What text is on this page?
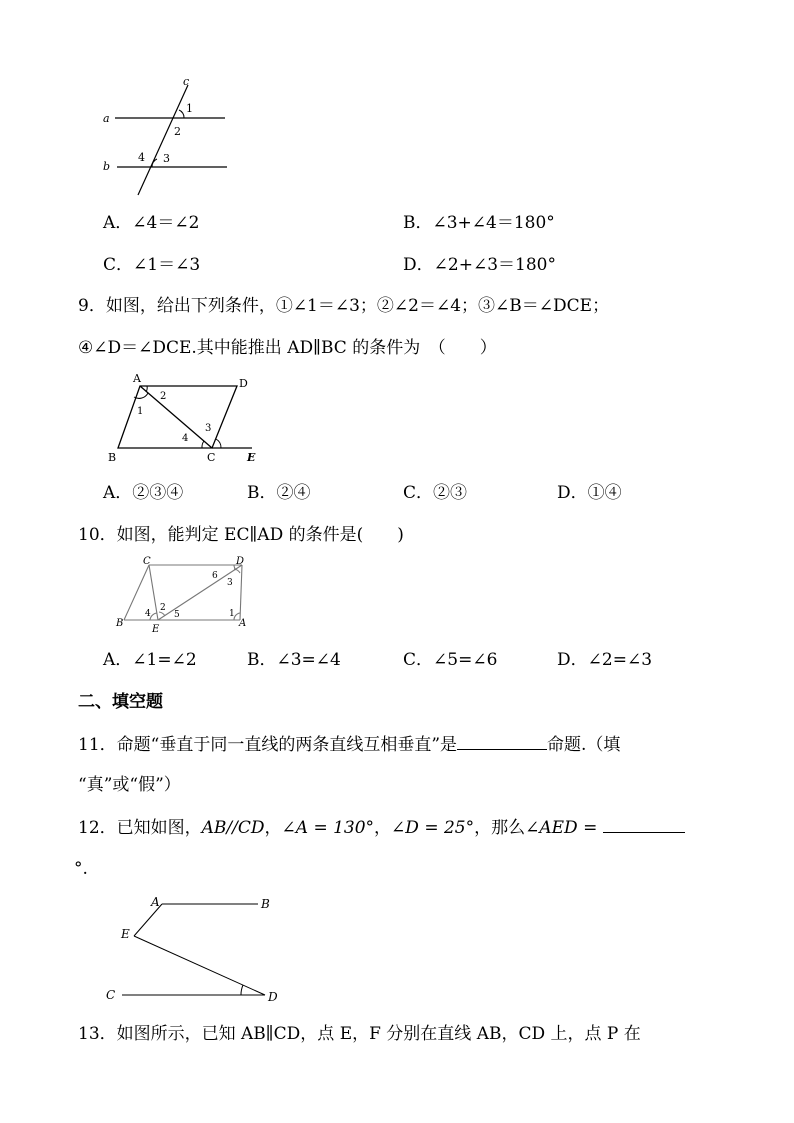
c
a
b
1
2
3
4
A．∠4＝∠2	B．∠3+∠4＝180°
C．∠1＝∠3	D．∠2+∠3＝180°
9．如图，给出下列条件，①∠1＝∠3；②∠2＝∠4；③∠B＝∠DCE；
④∠D＝∠DCE.其中能推出 AD∥BC 的条件为　（　　）
A	D
B	C	E
1
2
3
4
A．②③④	B．②④	C．②③	D．①④
10．如图，能判定 EC∥AD 的条件是(　　)
C	D
B
E
A
1
2
3
4	5
6
A．∠1=∠2	B．∠3=∠4	C．∠5=∠6	D．∠2=∠3
二、填空题
11．命题“垂直于同一直线的两条直线互相垂直”是	命题.（填
“真”或“假”）
12．已知如图，AB//CD，∠A = 130°，∠D = 25°，那么∠AED =
°.
A	B
E
C	D
13．如图所示，已知 AB∥CD，点 E，F 分别在直线 AB，CD 上，点 P 在
